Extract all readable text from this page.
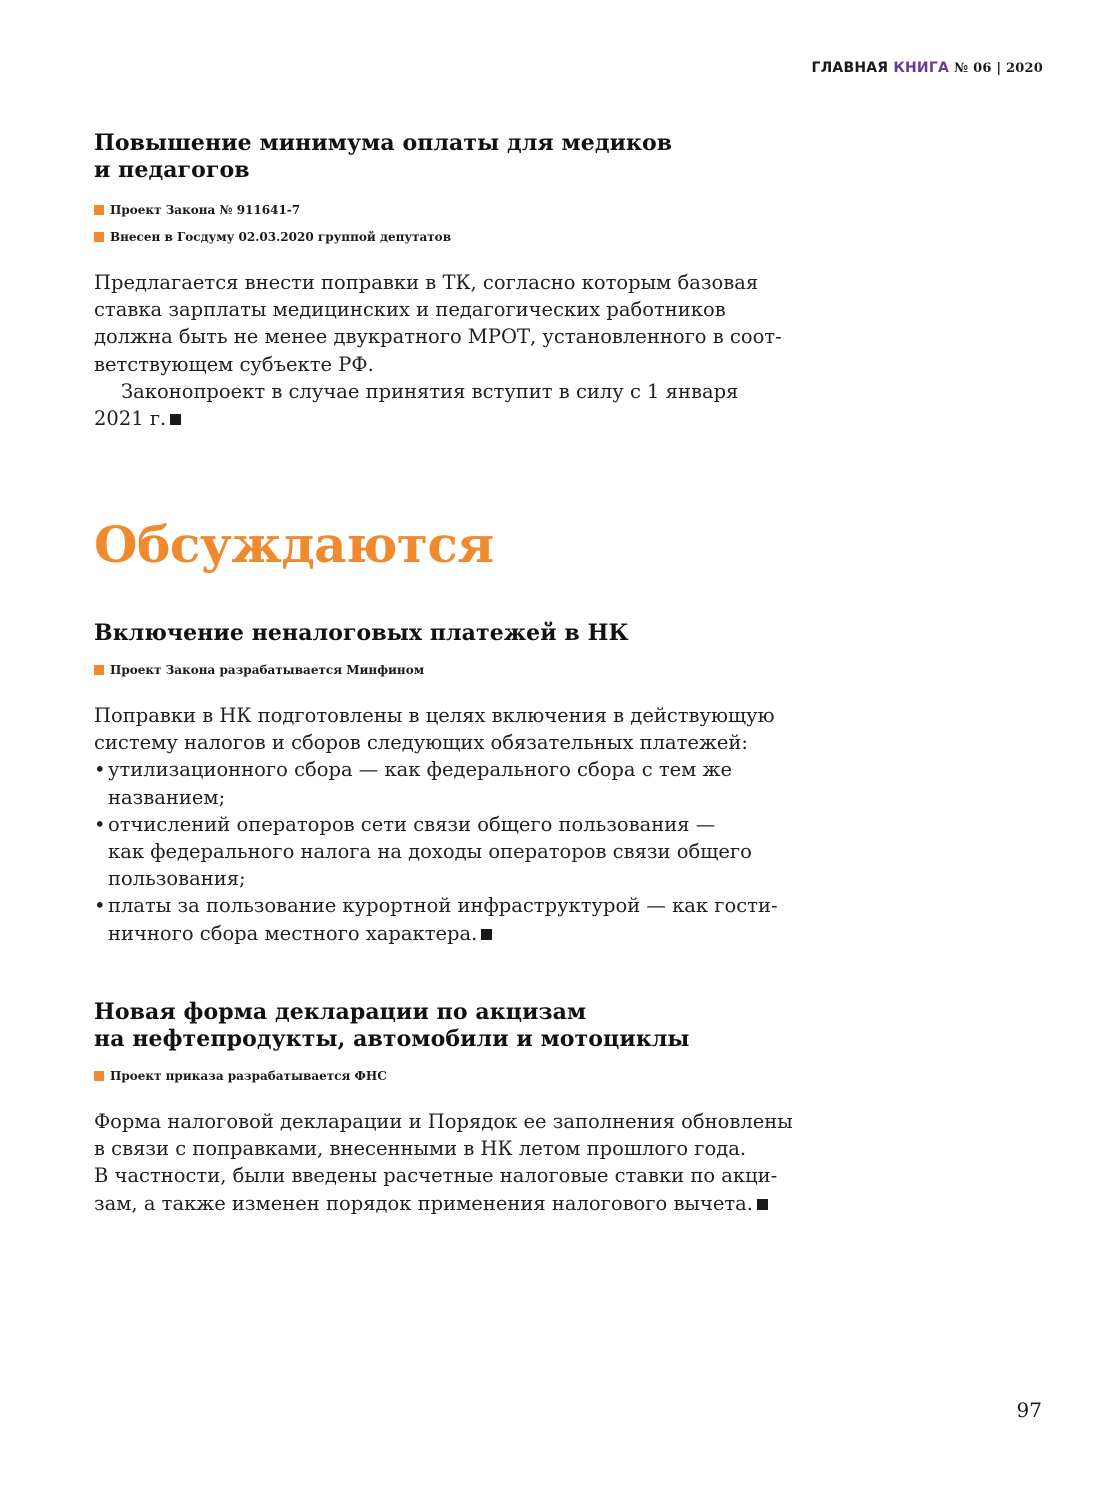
ГЛАВНАЯ КНИГА № 06 | 2020
Повышение минимума оплаты для медиков
и педагогов
Проект Закона № 911641-7
Внесен в Госдуму 02.03.2020 группой депутатов

Предлагается внести поправки в ТК, согласно которым базовая
ставка зарплаты медицинских и педагогических работников
должна быть не менее двукратного МРОТ, установленного в соот-
ветствующем субъекте РФ.

Законопроект в случае принятия вступит в силу с 1 января
2021 г.

Обсуждаются
Включение неналоговых платежей в НК
Проект Закона разрабатывается Минфином

Поправки в НК подготовлены в целях включения в действующую
систему налогов и сборов следующих обязательных платежей:

• утилизационного сбора — как федерального сбора с тем же
названием;
• отчислений операторов сети связи общего пользования —
как федерального налога на доходы операторов связи общего
пользования;
• платы за пользование курортной инфраструктурой — как гости-
ничного сбора местного характера.
Новая форма декларации по акцизам
на нефтепродукты, автомобили и мотоциклы
Проект приказа разрабатывается ФНС

Форма налоговой декларации и Порядок ее заполнения обновлены
в связи с поправками, внесенными в НК летом прошлого года.
В частности, были введены расчетные налоговые ставки по акци-
зам, а также изменен порядок применения налогового вычета.

97
